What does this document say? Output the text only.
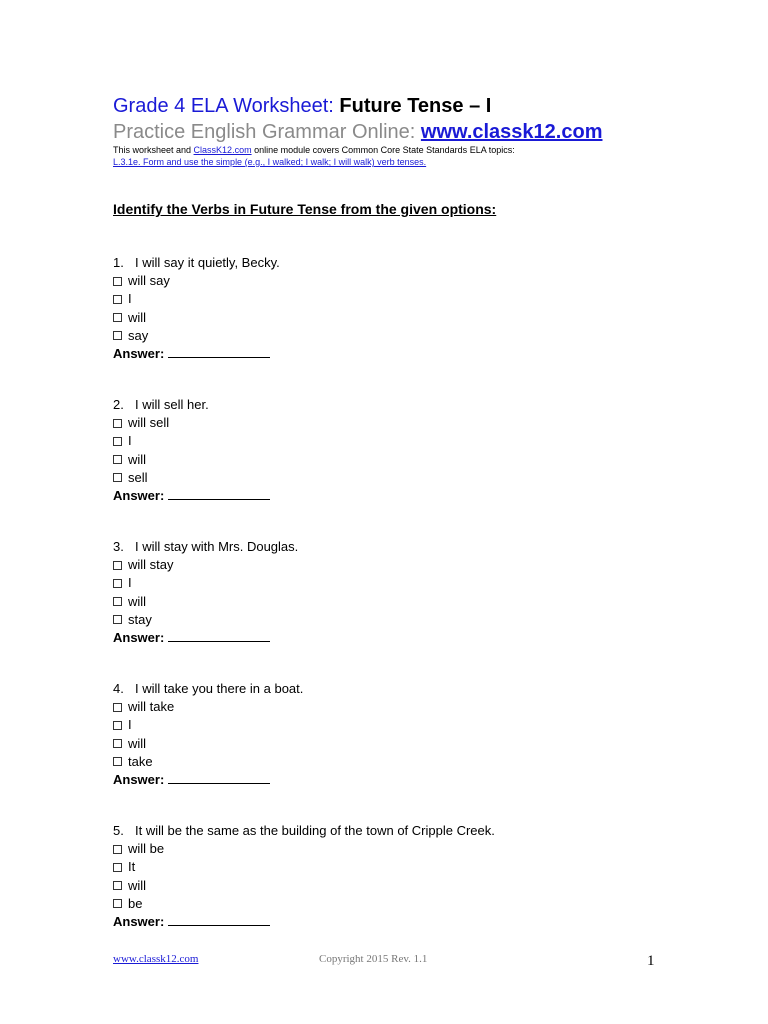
Grade 4 ELA Worksheet: Future Tense – I
Practice English Grammar Online: www.classk12.com
This worksheet and ClassK12.com online module covers Common Core State Standards ELA topics:
L.3.1e. Form and use the simple (e.g., I walked; I walk; I will walk) verb tenses.
Identify the Verbs in Future Tense from the given options:
1. I will say it quietly, Becky.
will say
I
will
say
Answer:
2. I will sell her.
will sell
I
will
sell
Answer:
3. I will stay with Mrs. Douglas.
will stay
I
will
stay
Answer:
4. I will take you there in a boat.
will take
I
will
take
Answer:
5. It will be the same as the building of the town of Cripple Creek.
will be
It
will
be
Answer:
www.classk12.com	Copyright 2015 Rev. 1.1	1
